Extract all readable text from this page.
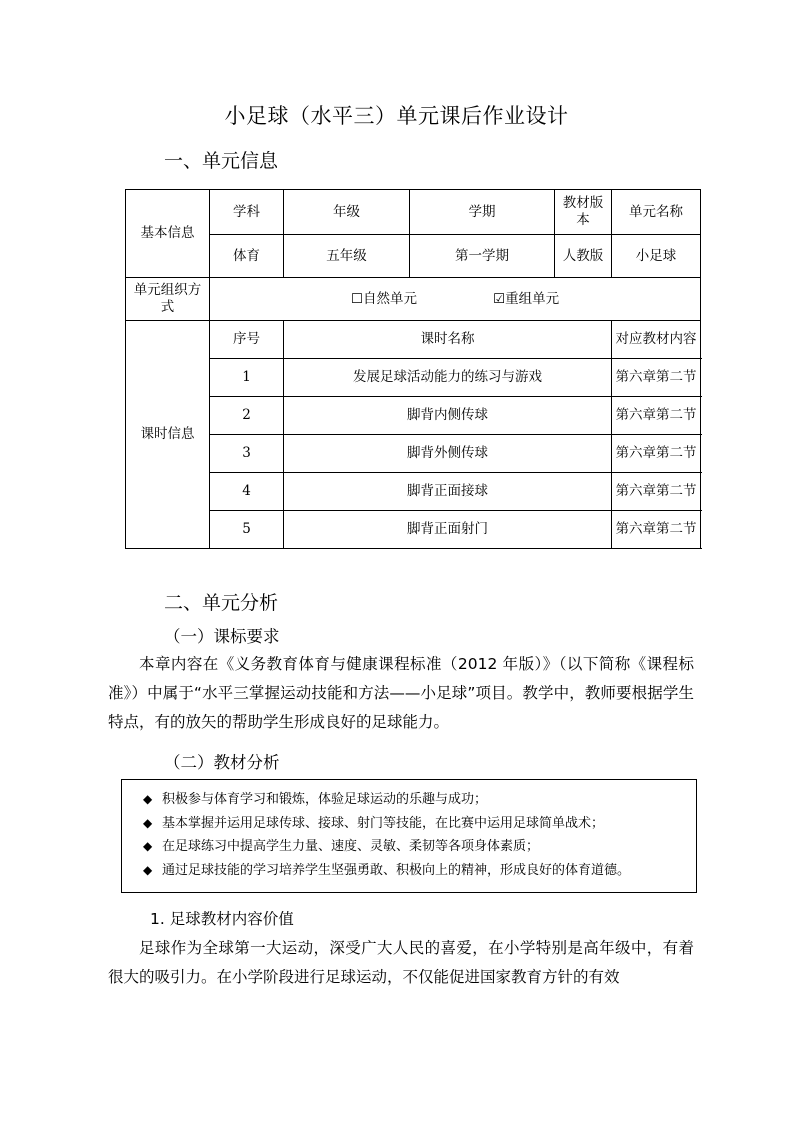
小足球（水平三）单元课后作业设计
一、单元信息
基本信息	学科	年级	学期	教材版本	单元名称
	体育	五年级	第一学期	人教版	小足球
单元组织方式	☐自然单元 ☑重组单元				
课时信息	序号	课时名称			对应教材内容
	1	发展足球活动能力的练习与游戏			第六章第二节
	2	脚背内侧传球			第六章第二节
	3	脚背外侧传球			第六章第二节
	4	脚背正面接球			第六章第二节
	5	脚背正面射门			第六章第二节
二、单元分析
（一）课标要求

本章内容在《义务教育体育与健康课程标准（2012 年版）》（以下简称《课程标准》）中属于“水平三掌握运动技能和方法——小足球”项目。教学中，教师要根据学生特点，有的放矢的帮助学生形成良好的足球能力。

（二）教材分析
◆ 积极参与体育学习和锻炼，体验足球运动的乐趣与成功；
◆ 基本掌握并运用足球传球、接球、射门等技能，在比赛中运用足球简单战术；
◆ 在足球练习中提高学生力量、速度、灵敏、柔韧等各项身体素质；
◆ 通过足球技能的学习培养学生坚强勇敢、积极向上的精神，形成良好的体育道德。
1. 足球教材内容价值

足球作为全球第一大运动，深受广大人民的喜爱，在小学特别是高年级中，有着很大的吸引力。在小学阶段进行足球运动，不仅能促进国家教育方针的有效
